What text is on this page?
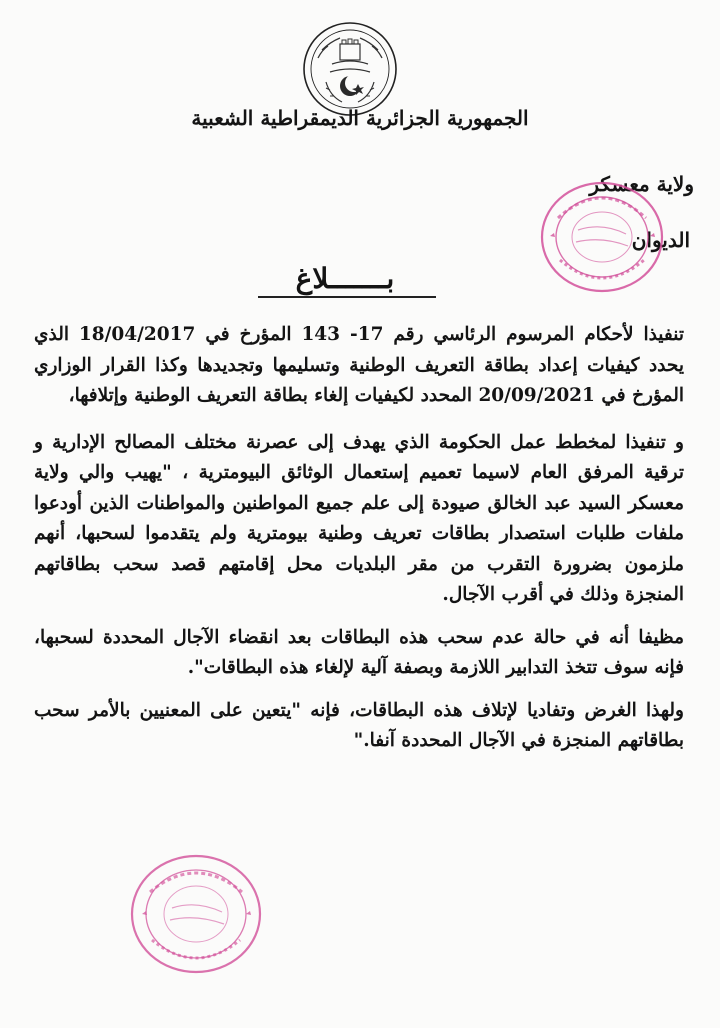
الجمهورية الجزائرية الديمقراطية الشعبية
ولاية معسكر
الديوان
بـــــــلاغ

تنفيذا لأحكام المرسوم الرئاسي رقم 17- 143 المؤرخ في 18/04/2017 الذي يحدد كيفيات إعداد بطاقة التعريف الوطنية وتسليمها وتجديدها وكذا القرار الوزاري المؤرخ في 20/09/2021 المحدد لكيفيات إلغاء بطاقة التعريف الوطنية وإتلافها،

و تنفيذا لمخطط عمل الحكومة الذي يهدف إلى عصرنة مختلف المصالح الإدارية و ترقية المرفق العام لاسيما تعميم إستعمال الوثائق البيومترية ، "يهيب والي ولاية معسكر السيد عبد الخالق صيودة إلى علم جميع المواطنين والمواطنات الذين أودعوا ملفات طلبات استصدار بطاقات تعريف وطنية بيومترية ولم يتقدموا لسحبها، أنهم ملزمون بضرورة التقرب من مقر البلديات محل إقامتهم قصد سحب بطاقاتهم المنجزة وذلك في أقرب الآجال.

مظيفا أنه في حالة عدم سحب هذه البطاقات بعد انقضاء الآجال المحددة لسحبها، فإنه سوف تتخذ التدابير اللازمة وبصفة آلية لإلغاء هذه البطاقات".

ولهذا الغرض وتفاديا لإتلاف هذه البطاقات، فإنه "يتعين على المعنيين بالأمر سحب بطاقاتهم المنجزة في الآجال المحددة آنفا."
